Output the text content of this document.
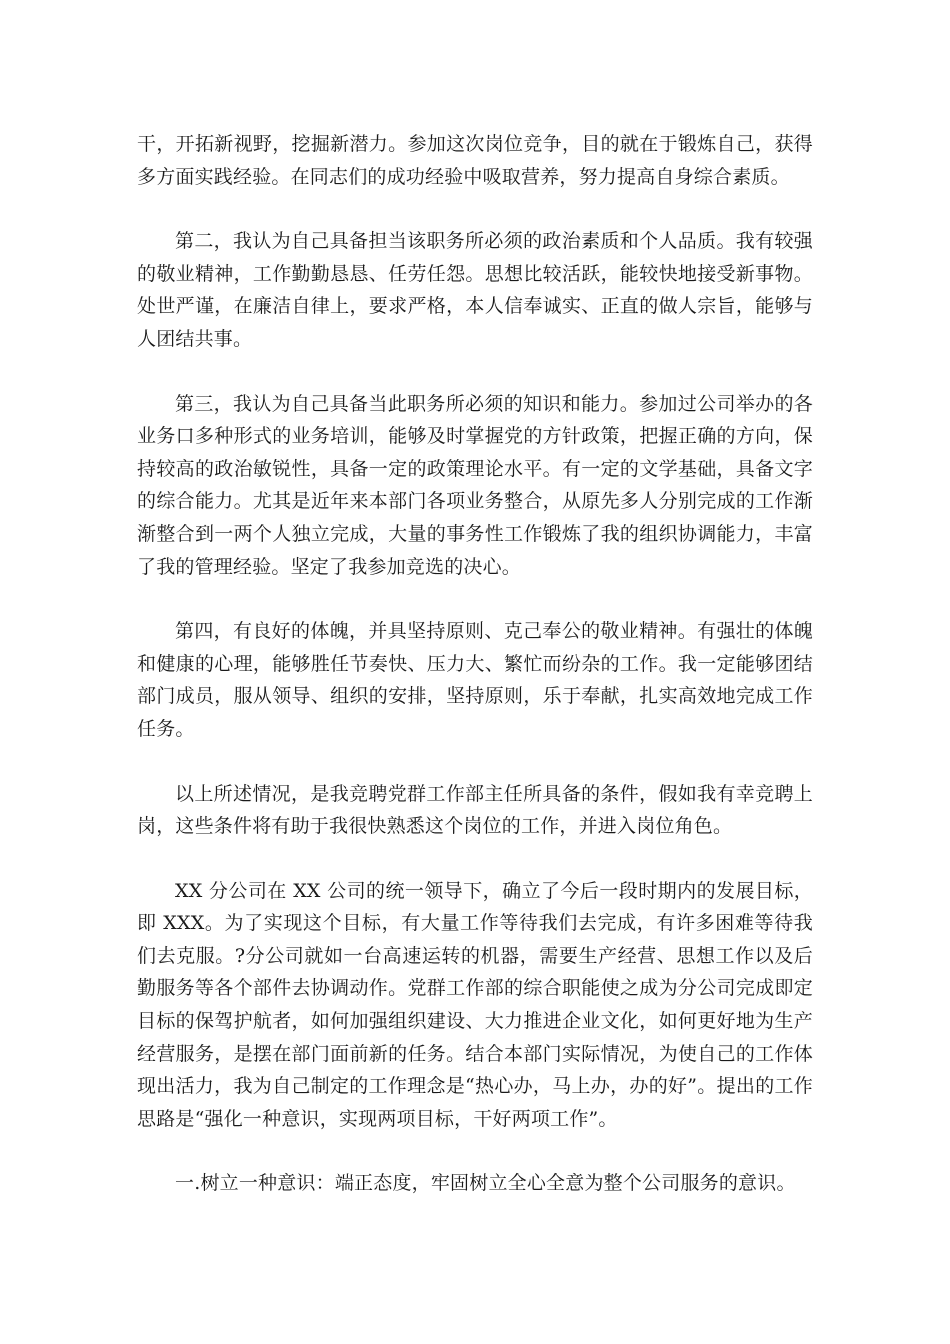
干，开拓新视野，挖掘新潜力。参加这次岗位竞争，目的就在于锻炼自己，获得多方面实践经验。在同志们的成功经验中吸取营养，努力提高自身综合素质。

第二，我认为自己具备担当该职务所必须的政治素质和个人品质。我有较强的敬业精神，工作勤勤恳恳、任劳任怨。思想比较活跃，能较快地接受新事物。处世严谨，在廉洁自律上，要求严格，本人信奉诚实、正直的做人宗旨，能够与人团结共事。

第三，我认为自己具备当此职务所必须的知识和能力。参加过公司举办的各业务口多种形式的业务培训，能够及时掌握党的方针政策，把握正确的方向，保持较高的政治敏锐性，具备一定的政策理论水平。有一定的文学基础，具备文字的综合能力。尤其是近年来本部门各项业务整合，从原先多人分别完成的工作渐渐整合到一两个人独立完成，大量的事务性工作锻炼了我的组织协调能力，丰富了我的管理经验。坚定了我参加竞选的决心。

第四，有良好的体魄，并具坚持原则、克己奉公的敬业精神。有强壮的体魄和健康的心理，能够胜任节奏快、压力大、繁忙而纷杂的工作。我一定能够团结部门成员，服从领导、组织的安排，坚持原则，乐于奉献，扎实高效地完成工作任务。

以上所述情况，是我竞聘党群工作部主任所具备的条件，假如我有幸竞聘上岗，这些条件将有助于我很快熟悉这个岗位的工作，并进入岗位角色。

XX 分公司在 XX 公司的统一领导下，确立了今后一段时期内的发展目标，即 XXX。为了实现这个目标，有大量工作等待我们去完成，有许多困难等待我们去克服。?分公司就如一台高速运转的机器，需要生产经营、思想工作以及后勤服务等各个部件去协调动作。党群工作部的综合职能使之成为分公司完成即定目标的保驾护航者，如何加强组织建设、大力推进企业文化，如何更好地为生产经营服务，是摆在部门面前新的任务。结合本部门实际情况，为使自己的工作体现出活力，我为自己制定的工作理念是“热心办，马上办，办的好”。提出的工作思路是“强化一种意识，实现两项目标，干好两项工作”。

一.树立一种意识：端正态度，牢固树立全心全意为整个公司服务的意识。
